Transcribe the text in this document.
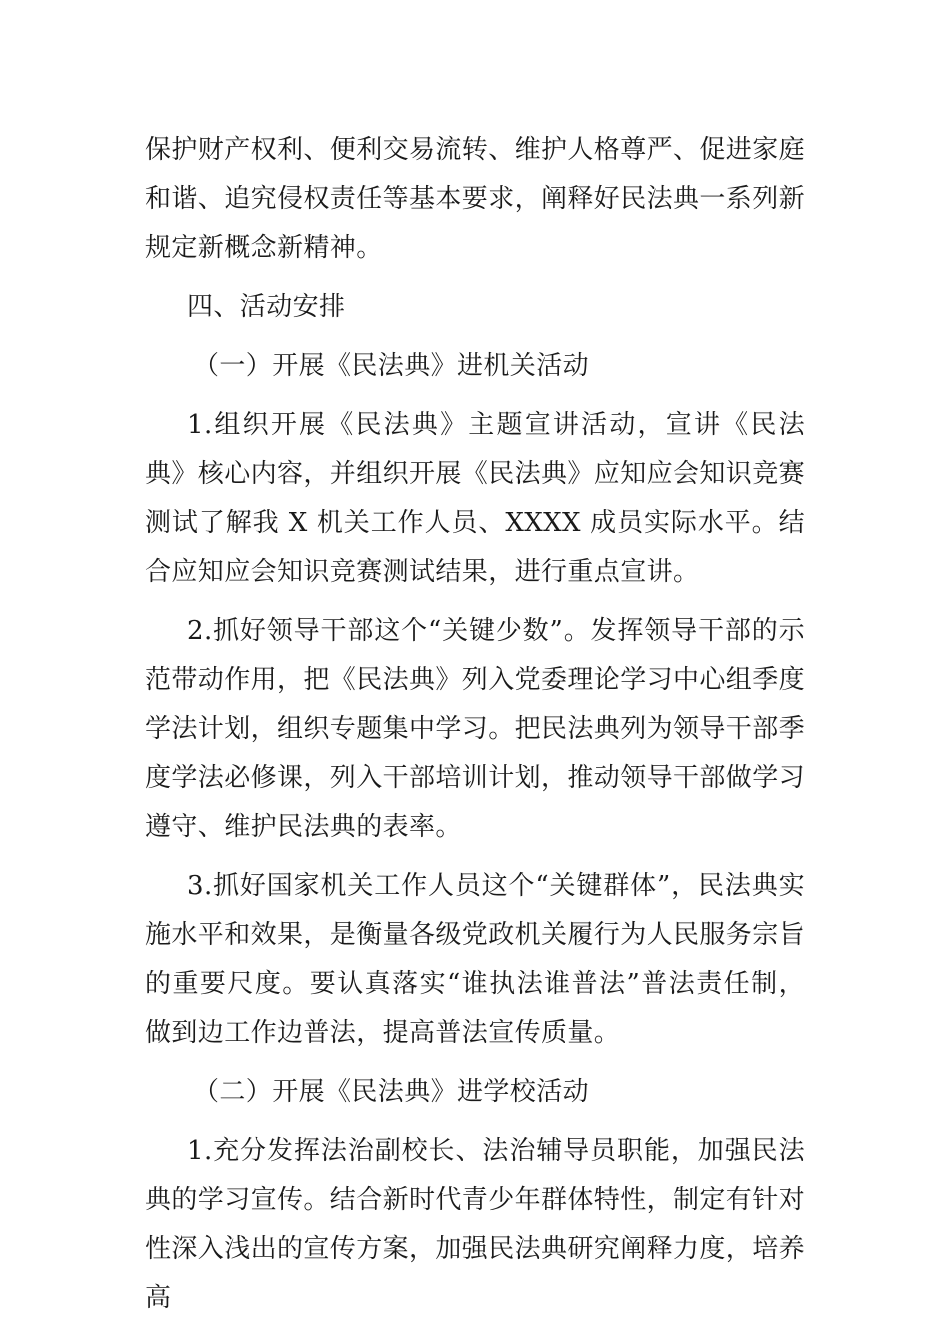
保护财产权利、便利交易流转、维护人格尊严、促进家庭和谐、追究侵权责任等基本要求，阐释好民法典一系列新规定新概念新精神。

四、活动安排

（一）开展《民法典》进机关活动

1.组织开展《民法典》主题宣讲活动，宣讲《民法典》核心内容，并组织开展《民法典》应知应会知识竞赛测试了解我 X 机关工作人员、XXXX 成员实际水平。结合应知应会知识竞赛测试结果，进行重点宣讲。

2.抓好领导干部这个“关键少数”。发挥领导干部的示范带动作用，把《民法典》列入党委理论学习中心组季度学法计划，组织专题集中学习。把民法典列为领导干部季度学法必修课，列入干部培训计划，推动领导干部做学习遵守、维护民法典的表率。

3.抓好国家机关工作人员这个“关键群体”，民法典实施水平和效果，是衡量各级党政机关履行为人民服务宗旨的重要尺度。要认真落实“谁执法谁普法”普法责任制，做到边工作边普法，提高普法宣传质量。

（二）开展《民法典》进学校活动

1.充分发挥法治副校长、法治辅导员职能，加强民法典的学习宣传。结合新时代青少年群体特性，制定有针对性深入浅出的宣传方案，加强民法典研究阐释力度，培养高
